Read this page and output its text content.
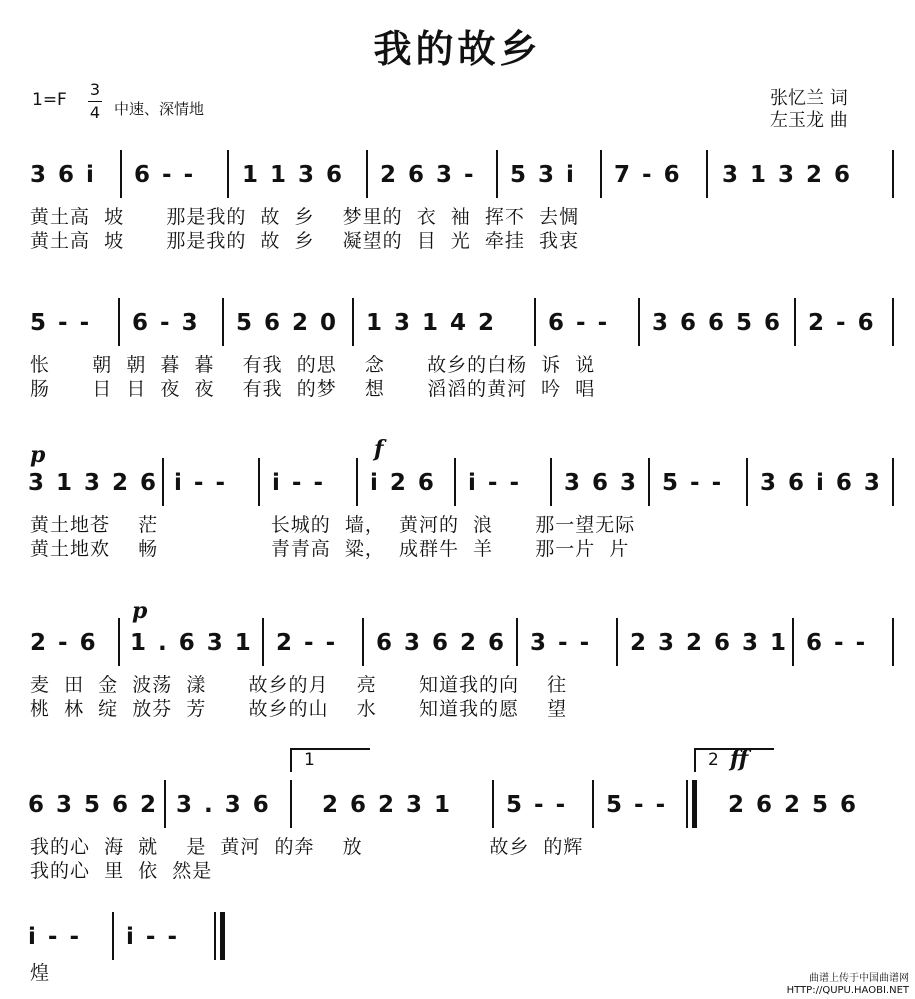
我的故乡
1=F
3
4 中速、深情地	张忆兰 词
左玉龙 曲
3 6 i 6 - - 1 1 3 6 2 6 3 - 5 3 i 7 - 6 3 1 3 2 6
黄土高  坡      那是我的  故  乡    梦里的  衣  袖  挥不  去惆
黄土高  坡      那是我的  故  乡    凝望的  目  光  牵挂  我衷
5 - - 6 - 3 5 6 2 0 1 3 1 4 2 6 - - 3 6 6 5 6 2 - 6
怅      朝  朝  暮  暮    有我  的思    念      故乡的白杨  诉  说
肠      日  日  夜  夜    有我  的梦    想      滔滔的黄河  吟  唱
p	f
3 1 3 2 6 i - - i - - i 2 6 i - - 3 6 3 5 - - 3 6 i 6 3
黄土地苍    茫                长城的  墙，  黄河的  浪      那一望无际
黄土地欢    畅                青青高  粱，  成群牛  羊      那一片  片
p
2 - 6 1 . 6 3 1 2 - - 6 3 6 2 6 3 - - 2 3 2 6 3 1 6 - -
麦  田  金  波荡  漾      故乡的月    亮      知道我的向    往
桃  林  绽  放芬  芳      故乡的山    水      知道我的愿    望
1	2 ff
6 3 5 6 2 3 . 3 6 2 6 2 3 1 5 - - 5 - -	2 6 2 5 6
我的心  海  就    是  黄河  的奔    放                  故乡  的辉
我的心  里  依  然是
i - - i - -
煌	曲谱上传于中国曲谱网
HTTP://QUPU.HAOBI.NET
